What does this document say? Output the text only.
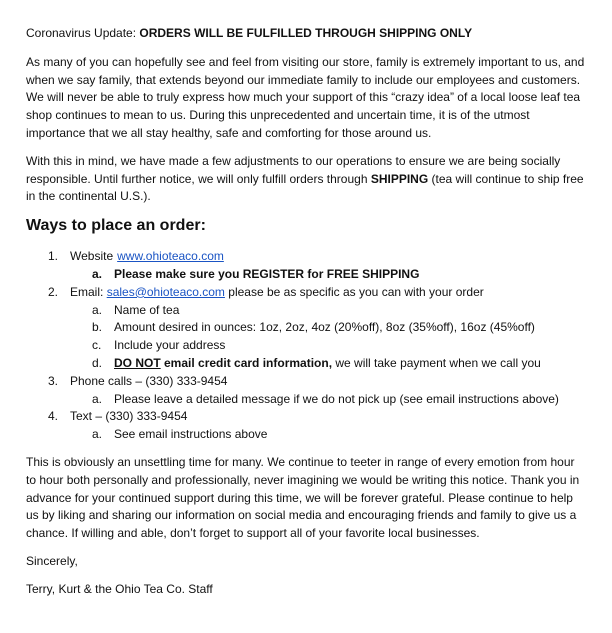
Coronavirus Update: ORDERS WILL BE FULFILLED THROUGH SHIPPING ONLY

As many of you can hopefully see and feel from visiting our store, family is extremely important to us, and when we say family, that extends beyond our immediate family to include our employees and customers. We will never be able to truly express how much your support of this “crazy idea” of a local loose leaf tea shop continues to mean to us. During this unprecedented and uncertain time, it is of the utmost importance that we all stay healthy, safe and comforting for those around us.

With this in mind, we have made a few adjustments to our operations to ensure we are being socially responsible. Until further notice, we will only fulfill orders through SHIPPING (tea will continue to ship free in the continental U.S.).

Ways to place an order:
1. Website www.ohioteaco.com
a. Please make sure you REGISTER for FREE SHIPPING
2. Email: sales@ohioteaco.com please be as specific as you can with your order
a. Name of tea
b. Amount desired in ounces: 1oz, 2oz, 4oz (20%off), 8oz (35%off), 16oz (45%off)
c. Include your address
d. DO NOT email credit card information, we will take payment when we call you
3. Phone calls – (330) 333-9454
a. Please leave a detailed message if we do not pick up (see email instructions above)
4. Text – (330) 333-9454
a. See email instructions above

This is obviously an unsettling time for many. We continue to teeter in range of every emotion from hour to hour both personally and professionally, never imagining we would be writing this notice. Thank you in advance for your continued support during this time, we will be forever grateful. Please continue to help us by liking and sharing our information on social media and encouraging friends and family to give us a chance. If willing and able, don’t forget to support all of your favorite local businesses.

Sincerely,

Terry, Kurt & the Ohio Tea Co. Staff
